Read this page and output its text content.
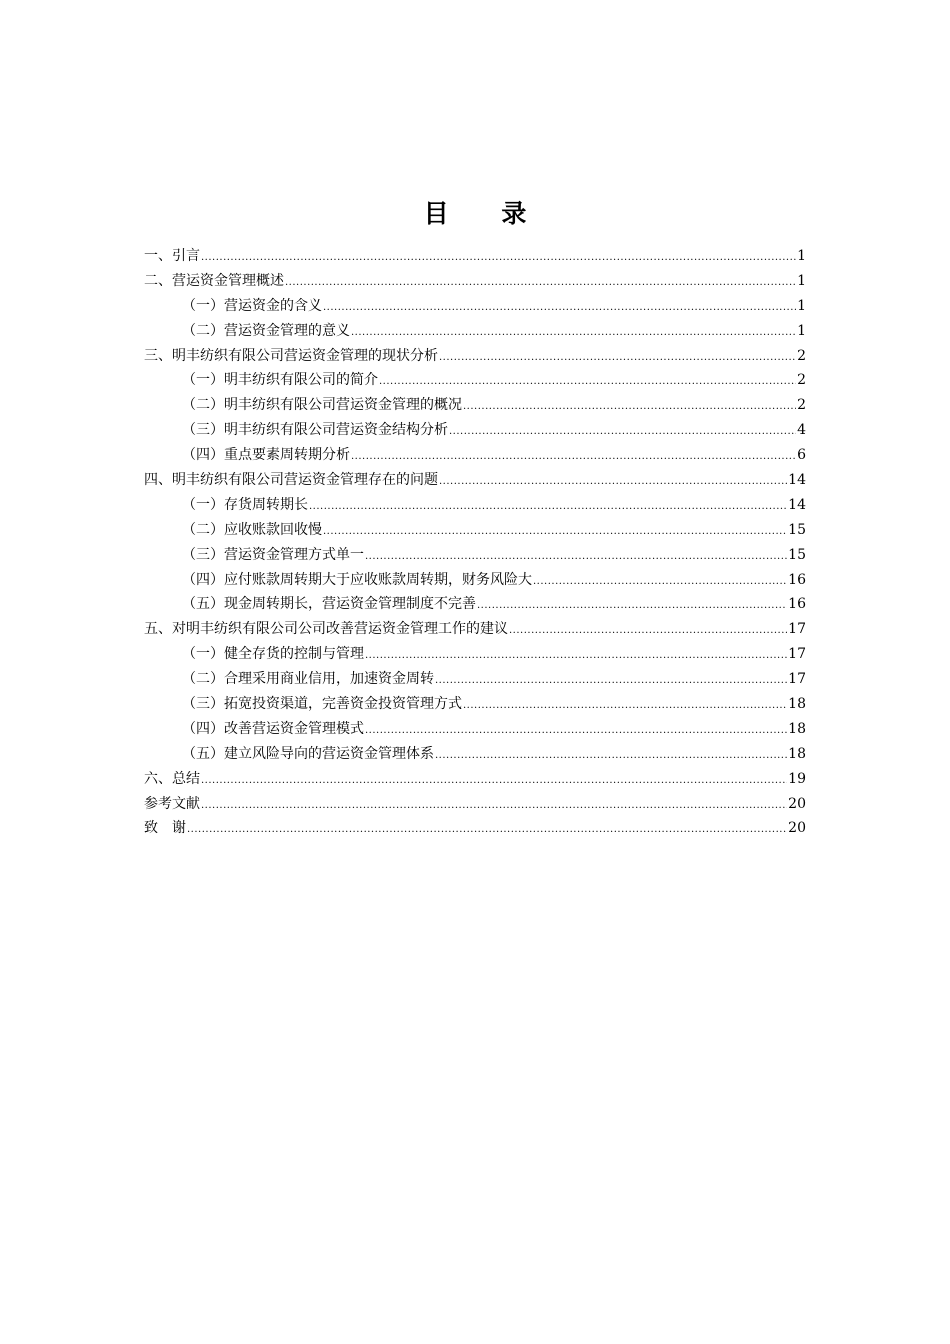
目 录
一、引言 .....	1
二、营运资金管理概述 .....	1
（一）营运资金的含义 .....	1
（二）营运资金管理的意义 .....	1
三、明丰纺织有限公司营运资金管理的现状分析 .....	2
（一）明丰纺织有限公司的简介 .....	2
（二）明丰纺织有限公司营运资金管理的概况 .....	2
（三）明丰纺织有限公司营运资金结构分析 .....	4
（四）重点要素周转期分析 .....	6
四、明丰纺织有限公司营运资金管理存在的问题 .....	14
（一）存货周转期长 .....	14
（二）应收账款回收慢 .....	15
（三）营运资金管理方式单一 .....	15
（四）应付账款周转期大于应收账款周转期，财务风险大 .....	16
（五）现金周转期长，营运资金管理制度不完善 .....	16
五、对明丰纺织有限公司公司改善营运资金管理工作的建议 .....	17
（一）健全存货的控制与管理 .....	17
（二）合理采用商业信用，加速资金周转 .....	17
（三）拓宽投资渠道，完善资金投资管理方式 .....	18
（四）改善营运资金管理模式 .....	18
（五）建立风险导向的营运资金管理体系 .....	18
六、总结 .....	19
参考文献 .....	20
致　谢 .....	20
